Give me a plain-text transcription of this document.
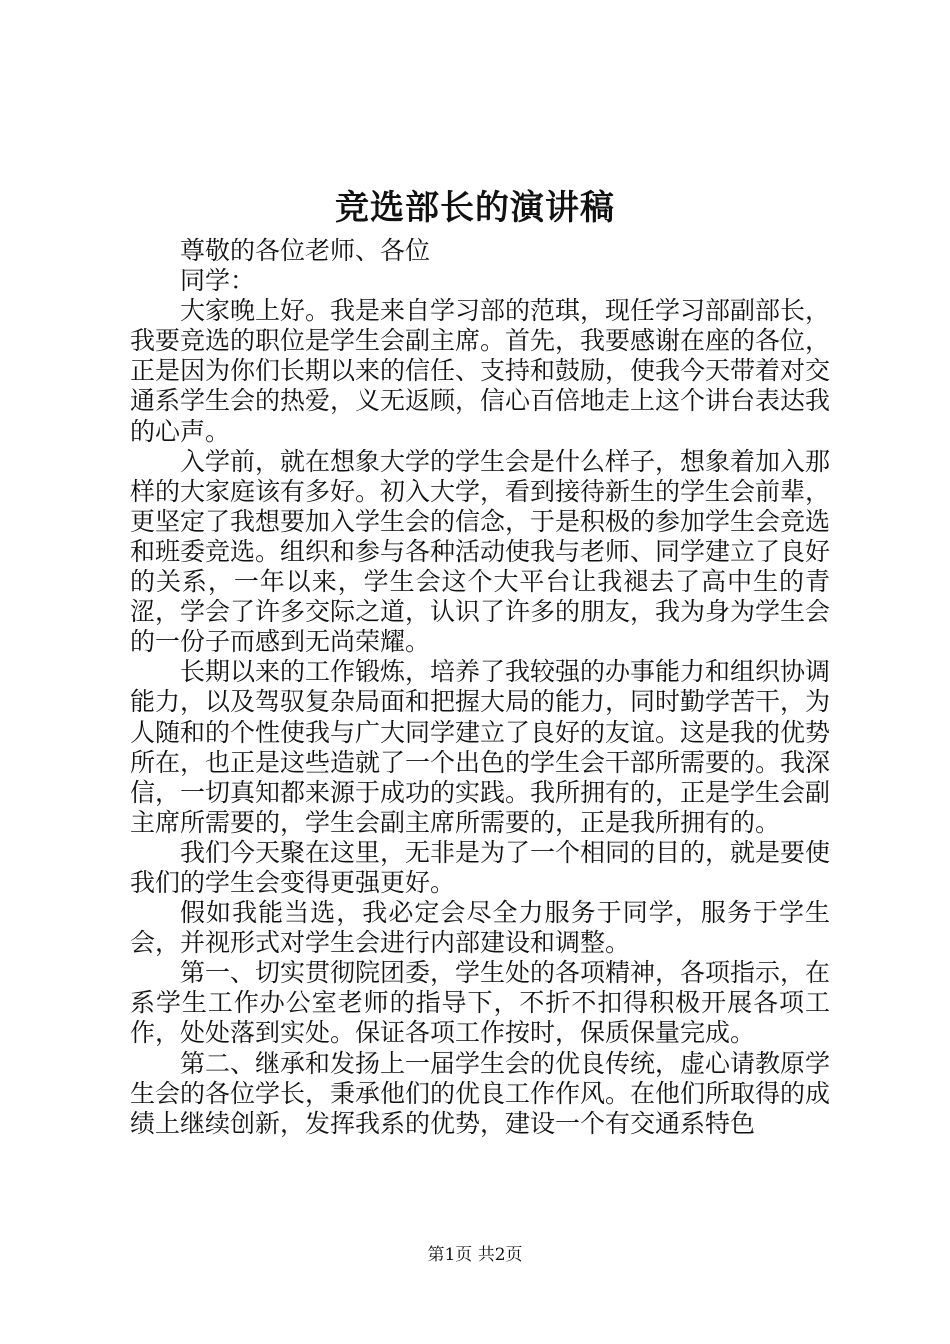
竞选部长的演讲稿

尊敬的各位老师、各位

同学：

大家晚上好。我是来自学习部的范琪，现任学习部副部长，我要竞选的职位是学生会副主席。首先，我要感谢在座的各位，正是因为你们长期以来的信任、支持和鼓励，使我今天带着对交通系学生会的热爱，义无返顾，信心百倍地走上这个讲台表达我的心声。

入学前，就在想象大学的学生会是什么样子，想象着加入那样的大家庭该有多好。初入大学，看到接待新生的学生会前辈，更坚定了我想要加入学生会的信念，于是积极的参加学生会竞选和班委竞选。组织和参与各种活动使我与老师、同学建立了良好的关系，一年以来，学生会这个大平台让我褪去了高中生的青涩，学会了许多交际之道，认识了许多的朋友，我为身为学生会的一份子而感到无尚荣耀。

长期以来的工作锻炼，培养了我较强的办事能力和组织协调能力，以及驾驭复杂局面和把握大局的能力，同时勤学苦干，为人随和的个性使我与广大同学建立了良好的友谊。这是我的优势所在，也正是这些造就了一个出色的学生会干部所需要的。我深信，一切真知都来源于成功的实践。我所拥有的，正是学生会副主席所需要的，学生会副主席所需要的，正是我所拥有的。

我们今天聚在这里，无非是为了一个相同的目的，就是要使我们的学生会变得更强更好。

假如我能当选，我必定会尽全力服务于同学，服务于学生会，并视形式对学生会进行内部建设和调整。

第一、切实贯彻院团委，学生处的各项精神，各项指示，在系学生工作办公室老师的指导下，不折不扣得积极开展各项工作，处处落到实处。保证各项工作按时，保质保量完成。

第二、继承和发扬上一届学生会的优良传统，虚心请教原学生会的各位学长，秉承他们的优良工作作风。在他们所取得的成绩上继续创新，发挥我系的优势，建设一个有交通系特色

第1页 共2页
